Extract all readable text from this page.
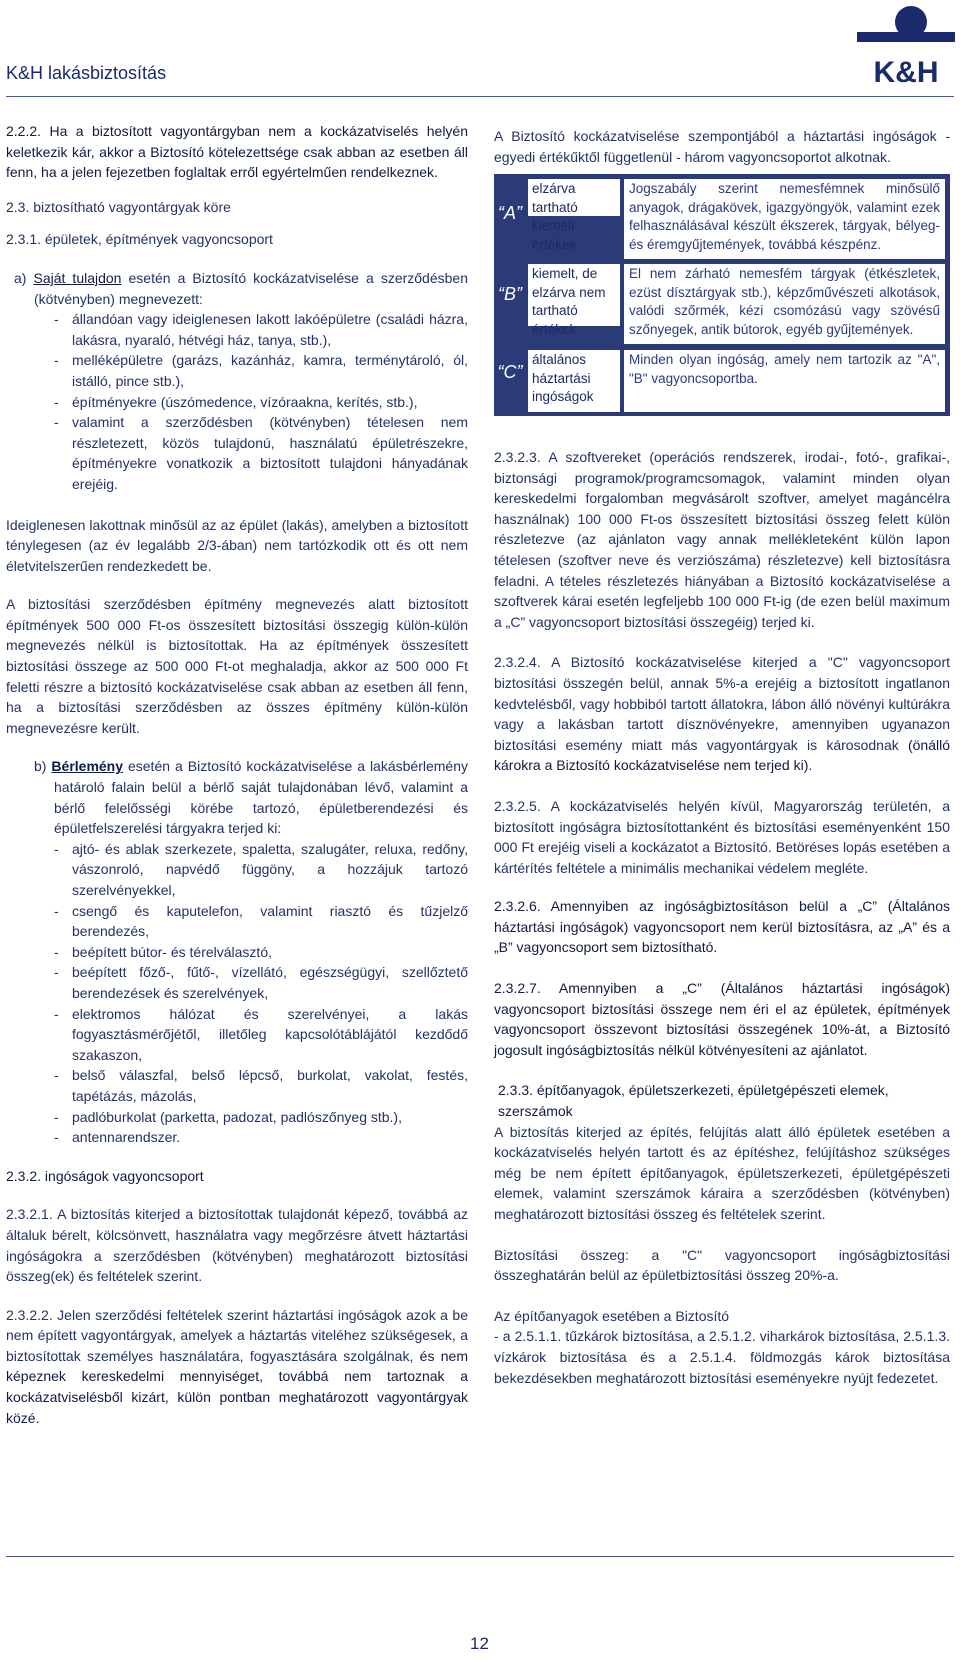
K&H lakásbiztosítás	K&H

2.2.2. Ha a biztosított vagyontárgyban nem a kockázatviselés helyén keletkezik kár, akkor a Biztosító kötelezettsége csak abban az esetben áll fenn, ha a jelen fejezetben foglaltak erről egyértelműen rendelkeznek.

2.3. biztosítható vagyontárgyak köre

2.3.1. épületek, építmények vagyoncsoport

a) Saját tulajdon esetén a Biztosító kockázatviselése a szerződésben (kötvényben) megnevezett:

- állandóan vagy ideiglenesen lakott lakóépületre (családi házra, lakásra, nyaraló, hétvégi ház, tanya, stb.),

- melléképületre (garázs, kazánház, kamra, terménytároló, ól, istálló, pince stb.),

- építményekre (úszómedence, vízóraakna, kerítés, stb.),

- valamint a szerződésben (kötvényben) tételesen nem részletezett, közös tulajdonú, használatú épületrészekre, építményekre vonatkozik a biztosított tulajdoni hányadának erejéig.

Ideiglenesen lakottnak minősül az az épület (lakás), amelyben a biztosított ténylegesen (az év legalább 2/3-ában) nem tartózkodik ott és ott nem életvitelszerűen rendezkedett be.

A biztosítási szerződésben építmény megnevezés alatt biztosított építmények 500 000 Ft-os összesített biztosítási összegig külön-külön megnevezés nélkül is biztosítottak. Ha az építmények összesített biztosítási összege az 500 000 Ft-ot meghaladja, akkor az 500 000 Ft feletti részre a biztosító kockázatviselése csak abban az esetben áll fenn, ha a biztosítási szerződésben az összes építmény külön-külön megnevezésre került.

b) Bérlemény esetén a Biztosító kockázatviselése a lakásbérlemény határoló falain belül a bérlő saját tulajdonában lévő, valamint a bérlő felelősségi körébe tartozó, épületberendezési és épületfelszerelési tárgyakra terjed ki:

- ajtó- és ablak szerkezete, spaletta, szalugáter, reluxa, redőny, vászonroló, napvédő függöny, a hozzájuk tartozó szerelvényekkel,

- csengő és kaputelefon, valamint riasztó és tűzjelző berendezés,

- beépített bútor- és térelválasztó,

- beépített főző-, fűtő-, vízellátó, egészségügyi, szellőztető berendezések és szerelvények,

- elektromos hálózat és szerelvényei, a lakás fogyasztásmérőjétől, illetőleg kapcsolótáblájától kezdődő szakaszon,

- belső válaszfal, belső lépcső, burkolat, vakolat, festés, tapétázás, mázolás,

- padlóburkolat (parketta, padozat, padlószőnyeg stb.),

- antennarendszer.

2.3.2. ingóságok vagyoncsoport

2.3.2.1. A biztosítás kiterjed a biztosítottak tulajdonát képező, továbbá az általuk bérelt, kölcsönvett, használatra vagy megőrzésre átvett háztartási ingóságokra a szerződésben (kötvényben) meghatározott biztosítási összeg(ek) és feltételek szerint.

2.3.2.2. Jelen szerződési feltételek szerint háztartási ingóságok azok a be nem épített vagyontárgyak, amelyek a háztartás viteléhez szükségesek, a biztosítottak személyes használatára, fogyasztására szolgálnak, és nem képeznek kereskedelmi mennyiséget, továbbá nem tartoznak a kockázatviselésből kizárt, külön pontban meghatározott vagyontárgyak közé.

A Biztosító kockázatviselése szempontjából a háztartási ingóságok - egyedi értékűktől függetlenül - három vagyoncsoportot alkotnak.

“A”
elzárva tartható kiemelt értékek
Jogszabály szerint nemesfémnek minősülő anyagok, drágakövek, igazgyöngyök, valamint ezek felhasználásával készült ékszerek, tárgyak, bélyeg- és éremgyűjtemények, továbbá készpénz.
“B”
kiemelt, de elzárva nem tartható értékek
El nem zárható nemesfém tárgyak (étkészletek, ezüst dísztárgyak stb.), képzőművészeti alkotások, valódi szőrmék, kézi csomózású vagy szövésű szőnyegek, antik bútorok, egyéb gyűjtemények.
“C”
általános háztartási ingóságok
Minden olyan ingóság, amely nem tartozik az "A", "B" vagyoncsoportba.

2.3.2.3. A szoftvereket (operációs rendszerek, irodai-, fotó-, grafikai-, biztonsági programok/programcsomagok, valamint minden olyan kereskedelmi forgalomban megvásárolt szoftver, amelyet magáncélra használnak) 100 000 Ft-os összesített biztosítási összeg felett külön részletezve (az ajánlaton vagy annak mellékleteként külön lapon tételesen (szoftver neve és verziószáma) részletezve) kell biztosításra feladni. A tételes részletezés hiányában a Biztosító kockázatviselése a szoftverek kárai esetén legfeljebb 100 000 Ft-ig (de ezen belül maximum a „C” vagyoncsoport biztosítási összegéig) terjed ki.

2.3.2.4. A Biztosító kockázatviselése kiterjed a "C" vagyoncsoport biztosítási összegén belül, annak 5%-a erejéig a biztosított ingatlanon kedvtelésből, vagy hobbiból tartott állatokra, lábon álló növényi kultúrákra vagy a lakásban tartott dísznövényekre, amennyiben ugyanazon biztosítási esemény miatt más vagyontárgyak is károsodnak (önálló károkra a Biztosító kockázatviselése nem terjed ki).

2.3.2.5. A kockázatviselés helyén kívül, Magyarország területén, a biztosított ingóságra biztosítottanként és biztosítási eseményenként 150 000 Ft erejéig viseli a kockázatot a Biztosító. Betöréses lopás esetében a kártérítés feltétele a minimális mechanikai védelem megléte.

2.3.2.6. Amennyiben az ingóságbiztosításon belül a „C” (Általános háztartási ingóságok) vagyoncsoport nem kerül biztosításra, az „A” és a „B” vagyoncsoport sem biztosítható.

2.3.2.7. Amennyiben a „C” (Általános háztartási ingóságok) vagyoncsoport biztosítási összege nem éri el az épületek, építmények vagyoncsoport összevont biztosítási összegének 10%-át, a Biztosító jogosult ingóságbiztosítás nélkül kötvényesíteni az ajánlatot.

2.3.3. építőanyagok, épületszerkezeti, épületgépészeti elemek, szerszámok

A biztosítás kiterjed az építés, felújítás alatt álló épületek esetében a kockázatviselés helyén tartott és az építéshez, felújításhoz szükséges még be nem épített építőanyagok, épületszerkezeti, épületgépészeti elemek, valamint szerszámok káraira a szerződésben (kötvényben) meghatározott biztosítási összeg és feltételek szerint.

Biztosítási összeg: a "C" vagyoncsoport ingóságbiztosítási összeghatárán belül az épületbiztosítási összeg 20%-a.

Az építőanyagok esetében a Biztosító

- a 2.5.1.1. tűzkárok biztosítása, a 2.5.1.2. viharkárok biztosítása, 2.5.1.3. vízkárok biztosítása és a 2.5.1.4. földmozgás károk biztosítása bekezdésekben meghatározott biztosítási eseményekre nyújt fedezetet.

12
